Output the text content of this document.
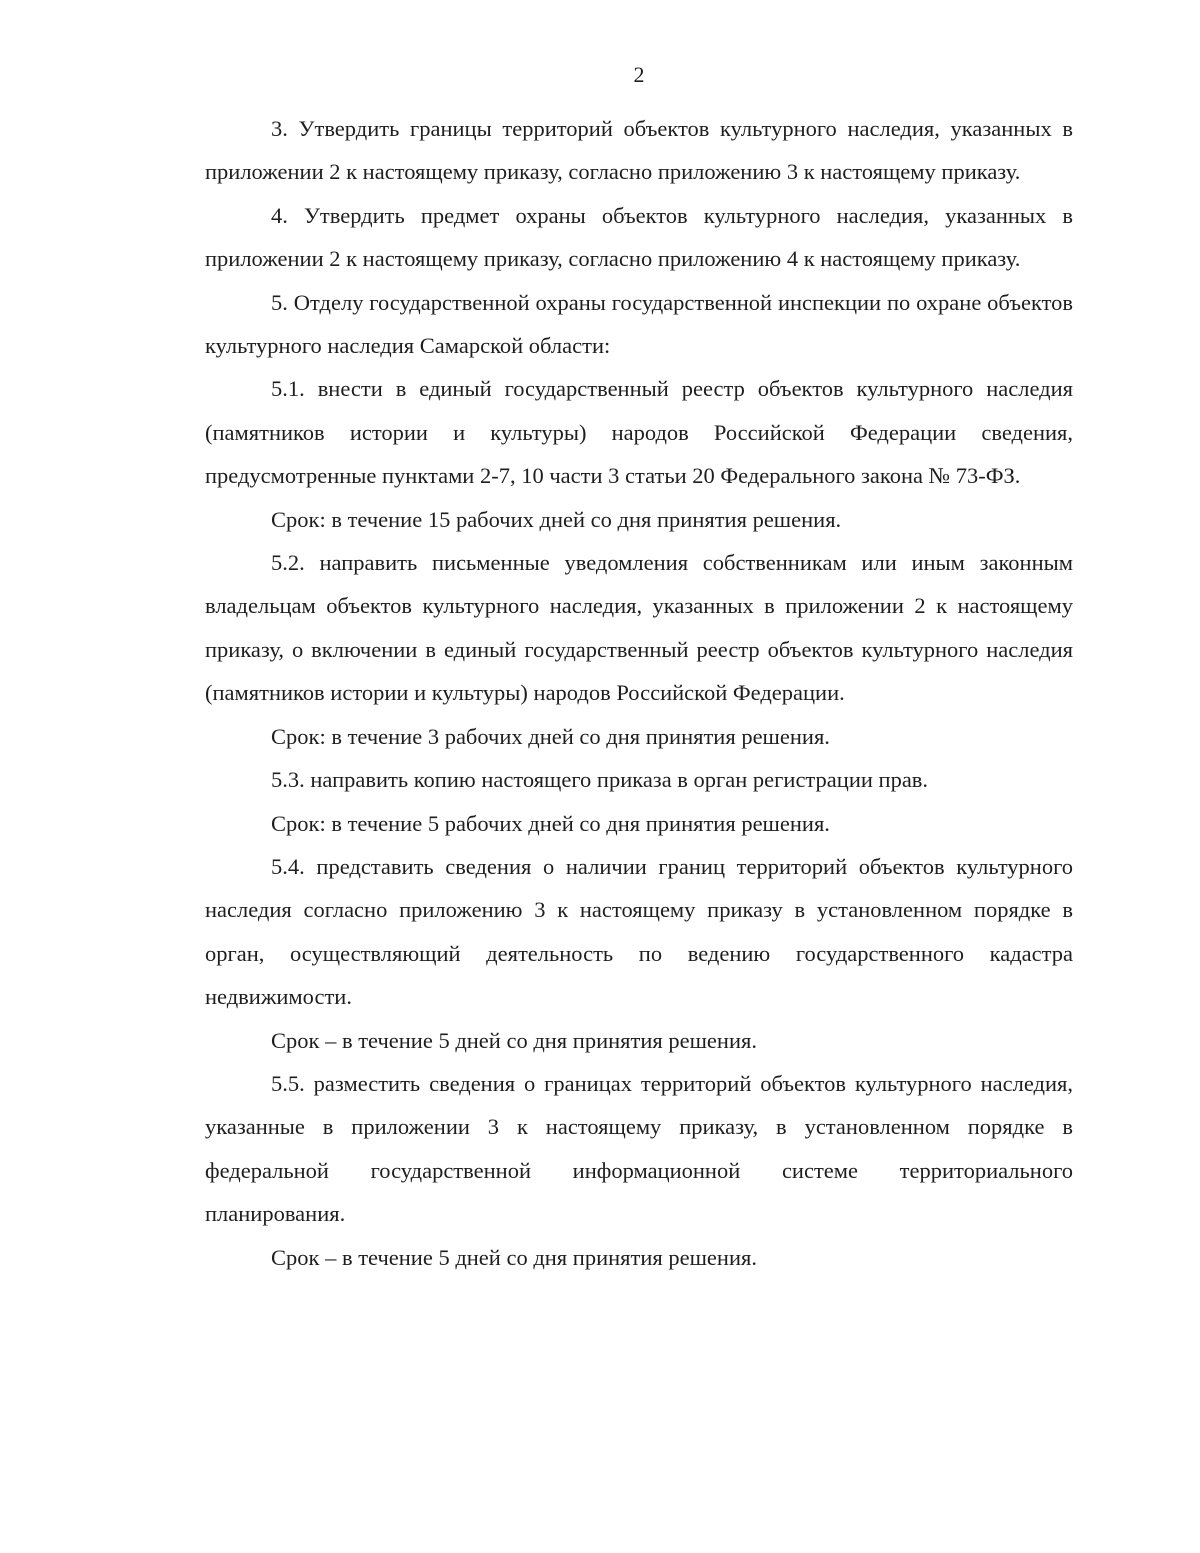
2

3. Утвердить границы территорий объектов культурного наследия, указанных в приложении 2 к настоящему приказу, согласно приложению 3 к настоящему приказу.

4. Утвердить предмет охраны объектов культурного наследия, указанных в приложении 2 к настоящему приказу, согласно приложению 4 к настоящему приказу.

5. Отделу государственной охраны государственной инспекции по охране объектов культурного наследия Самарской области:

5.1. внести в единый государственный реестр объектов культурного наследия (памятников истории и культуры) народов Российской Федерации сведения, предусмотренные пунктами 2-7, 10 части 3 статьи 20 Федерального закона № 73-ФЗ.

Срок: в течение 15 рабочих дней со дня принятия решения.

5.2. направить письменные уведомления собственникам или иным законным владельцам объектов культурного наследия, указанных в приложении 2 к настоящему приказу, о включении в единый государственный реестр объектов культурного наследия (памятников истории и культуры) народов Российской Федерации.

Срок: в течение 3 рабочих дней со дня принятия решения.

5.3. направить копию настоящего приказа в орган регистрации прав.

Срок: в течение 5 рабочих дней со дня принятия решения.

5.4. представить сведения о наличии границ территорий объектов культурного наследия согласно приложению 3 к настоящему приказу в установленном порядке в орган, осуществляющий деятельность по ведению государственного кадастра недвижимости.

Срок – в течение 5 дней со дня принятия решения.

5.5. разместить сведения о границах территорий объектов культурного наследия, указанные в приложении 3 к настоящему приказу, в установленном порядке в федеральной государственной информационной системе территориального планирования.

Срок – в течение 5 дней со дня принятия решения.
